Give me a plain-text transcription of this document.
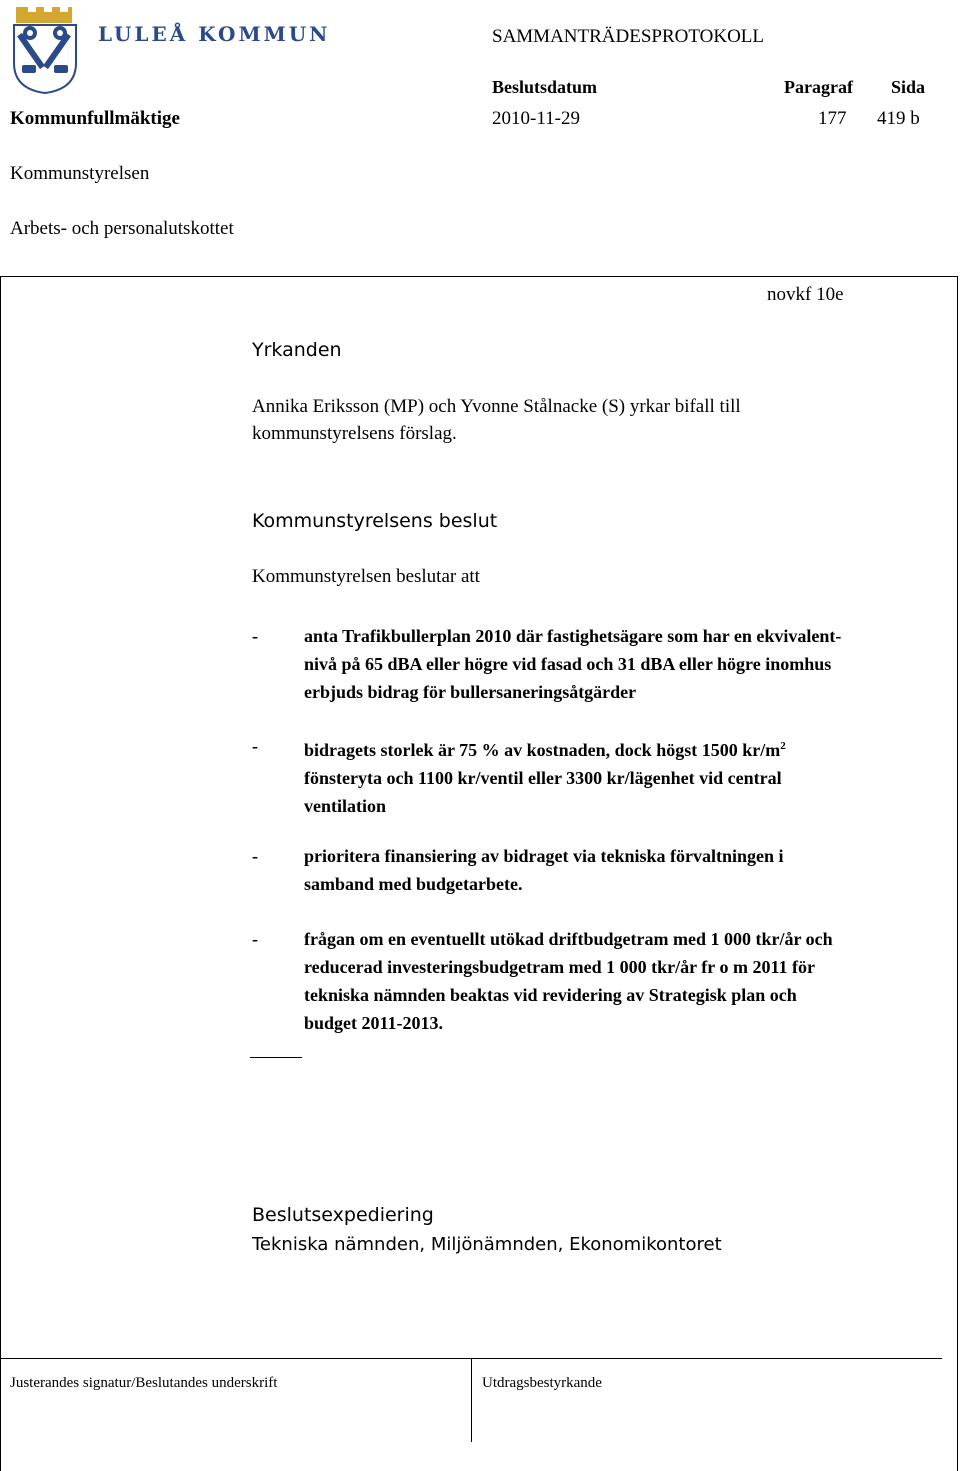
LULEÅ KOMMUN	SAMMANTRÄDESPROTOKOLL
Beslutsdatum	Paragraf Sida
Kommunfullmäktige	2010-11-29	177 419 b
Kommunstyrelsen
Arbets- och personalutskottet
novkf 10e
Yrkanden
Annika Eriksson (MP) och Yvonne Stålnacke (S) yrkar bifall till
kommunstyrelsens förslag.
Kommunstyrelsens beslut
Kommunstyrelsen beslutar att
-	anta Trafikbullerplan 2010 där fastighetsägare som har en ekvivalent-
nivå på 65 dBA eller högre vid fasad och 31 dBA eller högre inomhus
erbjuds bidrag för bullersaneringsåtgärder
-	bidragets storlek är 75 % av kostnaden, dock högst 1500 $kr/m^2$
fönsteryta och 1100 kr/ventil eller 3300 kr/lägenhet vid central
ventilation
-	prioritera finansiering av bidraget via tekniska förvaltningen i
samband med budgetarbete.
-	frågan om en eventuellt utökad driftbudgetram med 1 000 tkr/år och
reducerad investeringsbudgetram med 1 000 tkr/år fr o m 2011 för
tekniska nämnden beaktas vid revidering av Strategisk plan och
budget 2011-2013.
Beslutsexpediering
Tekniska nämnden, Miljönämnden, Ekonomikontoret
Justerandes signatur/Beslutandes underskrift	Utdragsbestyrkande
